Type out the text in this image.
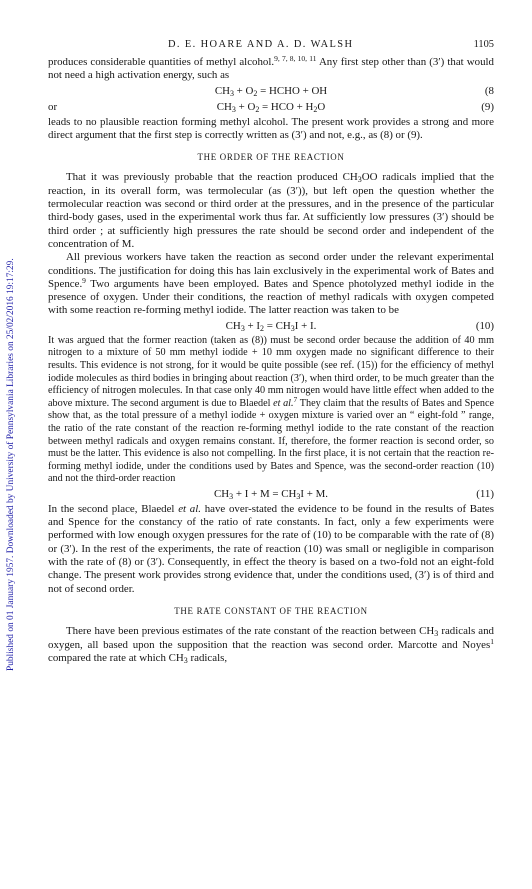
Published on 01 January 1957. Downloaded by University of Pennsylvania Libraries on 25/02/2016 19:17:29.
D. E. HOARE AND A. D. WALSH	1105

produces considerable quantities of methyl alcohol.$^{9, 7, 8, 10, 11}$ Any first step other than (3′) that would not need a high activation energy, such as

$CH_3 + O_2$ = HCHO + OH	(8
or	$CH_3 + O_2$ = HCO + $H_2O$	(9)

leads to no plausible reaction forming methyl alcohol. The present work provides a strong and more direct argument that the first step is correctly written as (3′) and not, e.g., as (8) or (9).

THE ORDER OF THE REACTION

That it was previously probable that the reaction produced $CH_3OO$ radicals implied that the reaction, in its overall form, was termolecular (as (3′)), but left open the question whether the termolecular reaction was second or third order at the pressures, and in the presence of the particular third-body gases, used in the experimental work thus far. At sufficiently low pressures (3′) should be third order ; at sufficiently high pressures the rate should be second order and independent of the concentration of M.

All previous workers have taken the reaction as second order under the relevant experimental conditions. The justification for doing this has lain exclusively in the experimental work of Bates and Spence.$^9$ Two arguments have been employed. Bates and Spence photolyzed methyl iodide in the presence of oxygen. Under their conditions, the reaction of methyl radicals with oxygen competed with some reaction re-forming methyl iodide. The latter reaction was taken to be

$CH_3 + I_2 = CH_3I + I$.	(10)

It was argued that the former reaction (taken as (8)) must be second order because the addition of 40 mm nitrogen to a mixture of 50 mm methyl iodide + 10 mm oxygen made no significant difference to their results. This evidence is not strong, for it would be quite possible (see ref. (15)) for the efficiency of methyl iodide molecules as third bodies in bringing about reaction (3′), when third order, to be much greater than the efficiency of nitrogen molecules. In that case only 40 mm nitrogen would have little effect when added to the above mixture. The second argument is due to Blaedel et al.$^7$ They claim that the results of Bates and Spence show that, as the total pressure of a methyl iodide + oxygen mixture is varied over an “ eight-fold ” range, the ratio of the rate constant of the reaction re-forming methyl iodide to the rate constant of the reaction between methyl radicals and oxygen remains constant. If, therefore, the former reaction is second order, so must be the latter. This evidence is also not compelling. In the first place, it is not certain that the reaction re-forming methyl iodide, under the conditions used by Bates and Spence, was the second-order reaction (10) and not the third-order reaction

$CH_3 + I + M = CH_3I + M$.	(11)

In the second place, Blaedel et al. have over-stated the evidence to be found in the results of Bates and Spence for the constancy of the ratio of rate constants. In fact, only a few experiments were performed with low enough oxygen pressures for the rate of (10) to be comparable with the rate of (8) or (3′). In the rest of the experiments, the rate of reaction (10) was small or negligible in comparison with the rate of (8) or (3′). Consequently, in effect the theory is based on a two-fold not an eight-fold change. The present work provides strong evidence that, under the conditions used, (3′) is of third and not of second order.

THE RATE CONSTANT OF THE REACTION

There have been previous estimates of the rate constant of the reaction between $CH_3$ radicals and oxygen, all based upon the supposition that the reaction was second order. Marcotte and Noyes$^1$ compared the rate at which $CH_3$ radicals,
